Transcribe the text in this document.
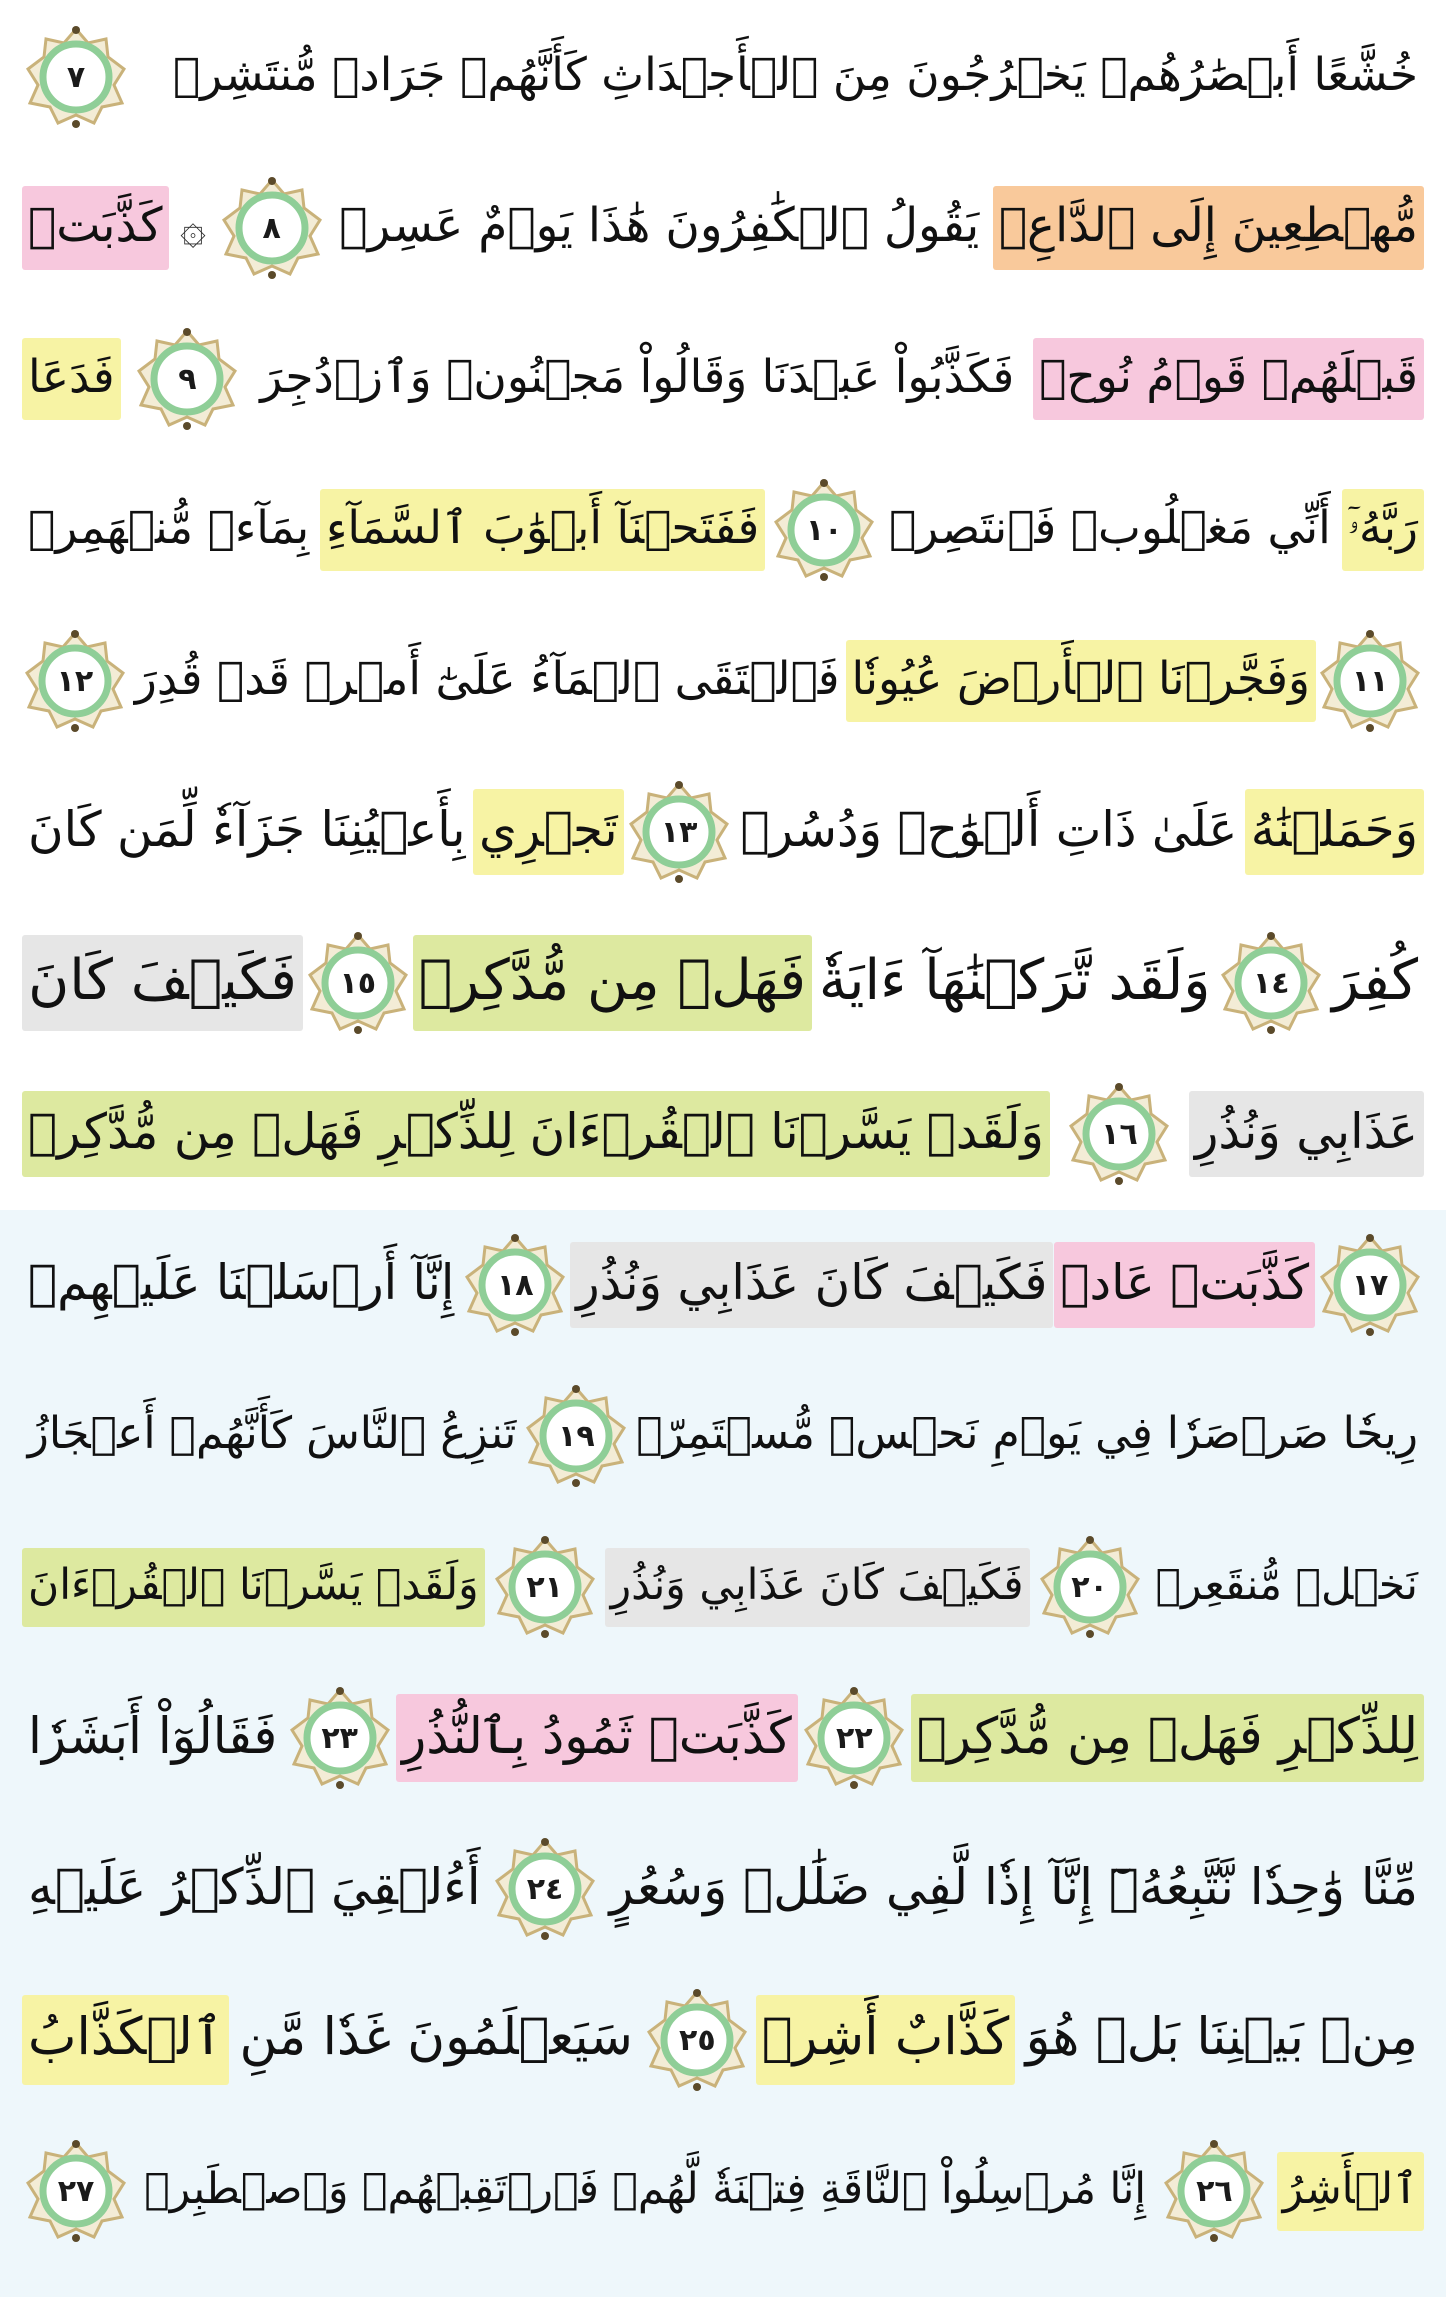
خُشَّعًا أَبۡصَٰرُهُمۡ يَخۡرُجُونَ مِنَ ٱلۡأَجۡدَاثِ كَأَنَّهُمۡ جَرَادٞ مُّنتَشِرٞ
٧
مُّهۡطِعِينَ إِلَى ٱلدَّاعِۖ
يَقُولُ ٱلۡكَٰفِرُونَ هَٰذَا يَوۡمٌ عَسِرٞ
٨
۞
كَذَّبَتۡ
قَبۡلَهُمۡ قَوۡمُ نُوحٖ
فَكَذَّبُواْ عَبۡدَنَا وَقَالُواْ مَجۡنُونٞ وَٱزۡدُجِرَ
٩
فَدَعَا
رَبَّهُۥٓ
أَنِّي مَغۡلُوبٞ فَٱنتَصِرۡ
١٠
فَفَتَحۡنَآ أَبۡوَٰبَ ٱلسَّمَآءِ
بِمَآءٖ مُّنۡهَمِرٖ
١١
وَفَجَّرۡنَا ٱلۡأَرۡضَ عُيُونٗا
فَٱلۡتَقَى ٱلۡمَآءُ عَلَىٰٓ أَمۡرٖ قَدۡ قُدِرَ
١٢
وَحَمَلۡنَٰهُ
عَلَىٰ ذَاتِ أَلۡوَٰحٖ وَدُسُرٖ
١٣
تَجۡرِي
بِأَعۡيُنِنَا جَزَآءٗ لِّمَن كَانَ
كُفِرَ
١٤
وَلَقَد تَّرَكۡنَٰهَآ ءَايَةٗ
فَهَلۡ مِن مُّدَّكِرٖ
١٥
فَكَيۡفَ كَانَ
عَذَابِي وَنُذُرِ
١٦
وَلَقَدۡ يَسَّرۡنَا ٱلۡقُرۡءَانَ لِلذِّكۡرِ فَهَلۡ مِن مُّدَّكِرٖ
١٧
كَذَّبَتۡ عَادٞ
فَكَيۡفَ كَانَ عَذَابِي وَنُذُرِ
١٨
إِنَّآ أَرۡسَلۡنَا عَلَيۡهِمۡ
رِيحٗا صَرۡصَرٗا فِي يَوۡمِ نَحۡسٖ مُّسۡتَمِرّٖ
١٩
تَنزِعُ ٱلنَّاسَ كَأَنَّهُمۡ أَعۡجَازُ
نَخۡلٖ مُّنقَعِرٖ
٢٠
فَكَيۡفَ كَانَ عَذَابِي وَنُذُرِ
٢١
وَلَقَدۡ يَسَّرۡنَا ٱلۡقُرۡءَانَ
لِلذِّكۡرِ فَهَلۡ مِن مُّدَّكِرٖ
٢٢
كَذَّبَتۡ ثَمُودُ بِٱلنُّذُرِ
٢٣
فَقَالُوٓاْ أَبَشَرٗا
مِّنَّا وَٰحِدٗا نَّتَّبِعُهُۥٓ إِنَّآ إِذٗا لَّفِي ضَلَٰلٖ وَسُعُرٍ
٢٤
أَءُلۡقِيَ ٱلذِّكۡرُ عَلَيۡهِ
مِنۢ بَيۡنِنَا بَلۡ هُوَ
كَذَّابٌ أَشِرٞ
٢٥
سَيَعۡلَمُونَ غَدٗا مَّنِ
ٱلۡكَذَّابُ
ٱلۡأَشِرُ
٢٦
إِنَّا مُرۡسِلُواْ ٱلنَّاقَةِ فِتۡنَةٗ لَّهُمۡ فَٱرۡتَقِبۡهُمۡ وَٱصۡطَبِرۡ
٢٧
